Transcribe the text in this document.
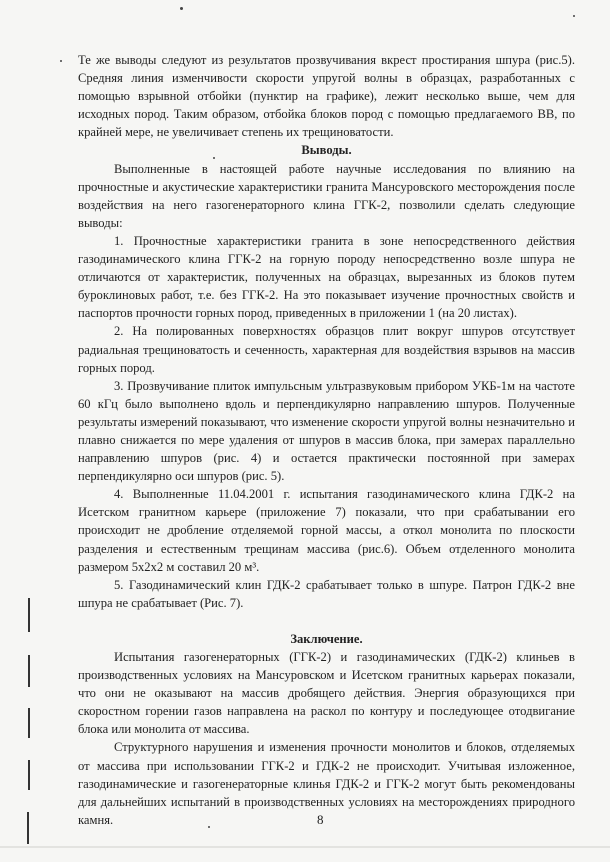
Те же выводы следуют из результатов прозвучивания вкрест простирания шпура (рис.5). Средняя линия изменчивости скорости упругой волны в образцах, разработанных с помощью взрывной отбойки (пунктир на графике), лежит несколько выше, чем для исходных пород. Таким образом, отбойка блоков пород с помощью предлагаемого ВВ, по крайней мере, не увеличивает степень их трещиноватости.

Выводы.

Выполненные в настоящей работе научные исследования по влиянию на прочностные и акустические характеристики гранита Мансуровского месторождения после воздействия на него газогенераторного клина ГГК-2, позволили сделать следующие выводы:

1. Прочностные характеристики гранита в зоне непосредственного действия газодинамического клина ГГК-2 на горную породу непосредственно возле шпура не отличаются от характеристик, полученных на образцах, вырезанных из блоков путем буроклиновых работ, т.е. без ГГК-2. На это показывает изучение прочностных свойств и паспортов прочности горных пород, приведенных в приложении 1 (на 20 листах).

2. На полированных поверхностях образцов плит вокруг шпуров отсутствует радиальная трещиноватость и сеченность, характерная для воздействия взрывов на массив горных пород.

3. Прозвучивание плиток импульсным ультразвуковым прибором УКБ-1м на частоте 60 кГц было выполнено вдоль и перпендикулярно направлению шпуров. Полученные результаты измерений показывают, что изменение скорости упругой волны незначительно и плавно снижается по мере удаления от шпуров в массив блока, при замерах параллельно направлению шпуров (рис. 4) и остается практически постоянной при замерах перпендикулярно оси шпуров (рис. 5).

4. Выполненные 11.04.2001 г. испытания газодинамического клина ГДК-2 на Исетском гранитном карьере (приложение 7) показали, что при срабатывании его происходит не дробление отделяемой горной массы, а откол монолита по плоскости разделения и естественным трещинам массива (рис.6). Объем отделенного монолита размером 5х2х2 м составил 20 м³.

5. Газодинамический клин ГДК-2 срабатывает только в шпуре. Патрон ГДК-2 вне шпура не срабатывает (Рис. 7).

Заключение.

Испытания газогенераторных (ГГК-2) и газодинамических (ГДК-2) клиньев в производственных условиях на Мансуровском и Исетском гранитных карьерах показали, что они не оказывают на массив дробящего действия. Энергия образующихся при скоростном горении газов направлена на раскол по контуру и последующее отодвигание блока или монолита от массива.

Структурного нарушения и изменения прочности монолитов и блоков, отделяемых от массива при использовании ГГК-2 и ГДК-2 не происходит. Учитывая изложенное, газодинамические и газогенераторные клинья ГДК-2 и ГГК-2 могут быть рекомендованы для дальнейших испытаний в производственных условиях на месторождениях природного камня.	8
